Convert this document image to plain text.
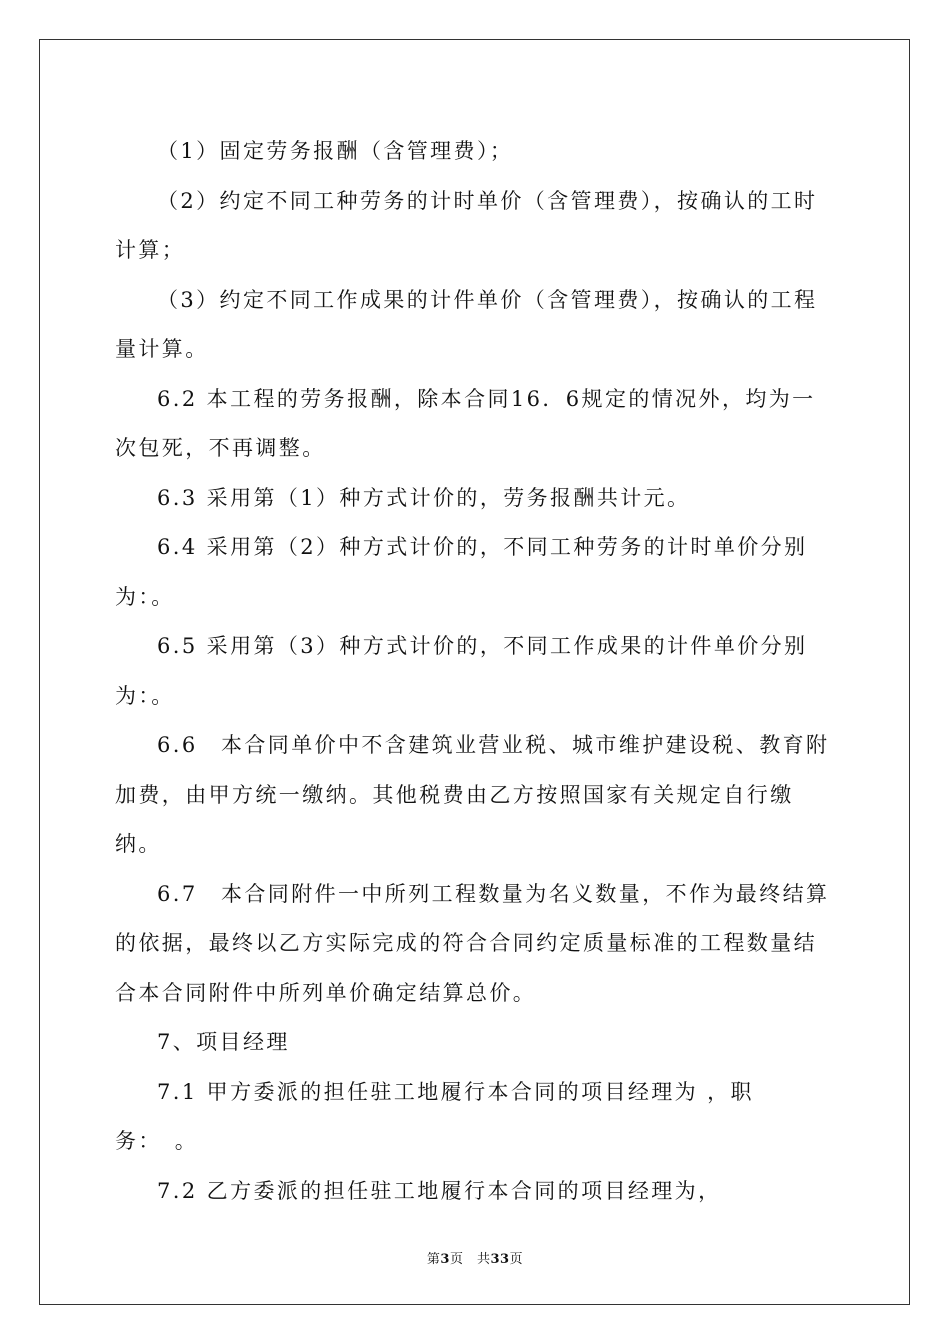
（1）固定劳务报酬（含管理费）；

（2）约定不同工种劳务的计时单价（含管理费），按确认的工时计算；

（3）约定不同工作成果的计件单价（含管理费），按确认的工程量计算。

6.2 本工程的劳务报酬，除本合同16．6规定的情况外，均为一次包死，不再调整。

6.3 采用第（1）种方式计价的，劳务报酬共计元。

6.4 采用第（2）种方式计价的，不同工种劳务的计时单价分别为：。

6.5 采用第（3）种方式计价的，不同工作成果的计件单价分别为：。

6.6　本合同单价中不含建筑业营业税、城市维护建设税、教育附加费，由甲方统一缴纳。其他税费由乙方按照国家有关规定自行缴纳。

6.7　本合同附件一中所列工程数量为名义数量，不作为最终结算的依据，最终以乙方实际完成的符合合同约定质量标准的工程数量结合本合同附件中所列单价确定结算总价。

7、项目经理

7.1 甲方委派的担任驻工地履行本合同的项目经理为 ，职务：　。

7.2 乙方委派的担任驻工地履行本合同的项目经理为，

第3页　共33页
